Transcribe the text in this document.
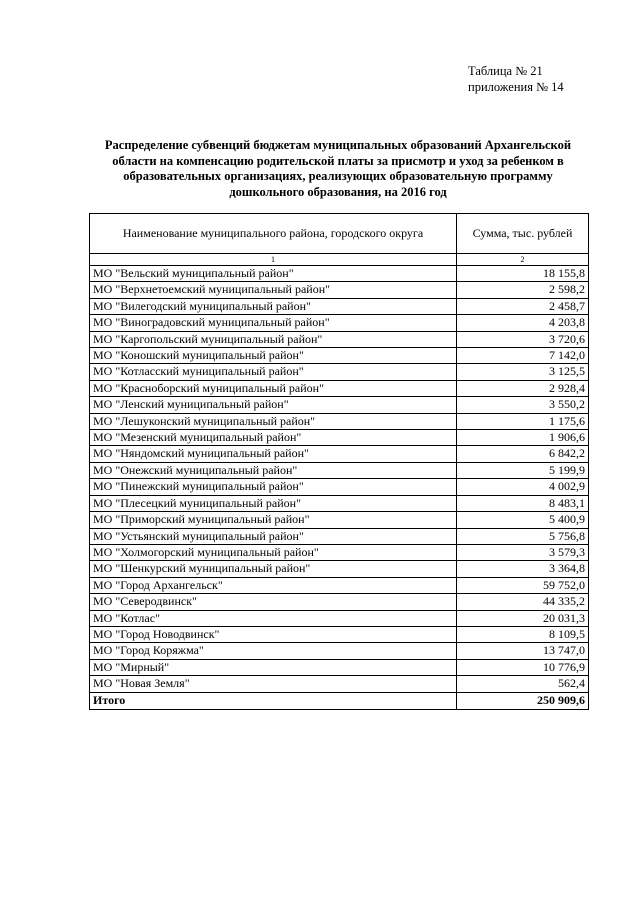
Таблица № 21
приложения № 14
Распределение субвенций бюджетам муниципальных образований Архангельской области на компенсацию родительской платы за присмотр и уход за ребенком в образовательных организациях, реализующих образовательную программу дошкольного образования, на 2016 год
Наименование муниципального района, городского округа	Сумма, тыс. рублей
1	2
МО "Вельский муниципальный район"	18 155,8
МО "Верхнетоемский муниципальный район"	2 598,2
МО "Вилегодский муниципальный район"	2 458,7
МО "Виноградовский муниципальный район"	4 203,8
МО "Каргопольский муниципальный район"	3 720,6
МО "Коношский муниципальный район"	7 142,0
МО "Котласский муниципальный район"	3 125,5
МО "Красноборский муниципальный район"	2 928,4
МО "Ленский муниципальный район"	3 550,2
МО "Лешуконский муниципальный район"	1 175,6
МО "Мезенский муниципальный район"	1 906,6
МО "Няндомский муниципальный район"	6 842,2
МО "Онежский муниципальный район"	5 199,9
МО "Пинежский муниципальный район"	4 002,9
МО "Плесецкий муниципальный район"	8 483,1
МО "Приморский муниципальный район"	5 400,9
МО "Устьянский муниципальный район"	5 756,8
МО "Холмогорский муниципальный район"	3 579,3
МО "Шенкурский муниципальный район"	3 364,8
МО "Город Архангельск"	59 752,0
МО "Северодвинск"	44 335,2
МО "Котлас"	20 031,3
МО "Город Новодвинск"	8 109,5
МО "Город Коряжма"	13 747,0
МО "Мирный"	10 776,9
МО "Новая Земля"	562,4
Итого	250 909,6
